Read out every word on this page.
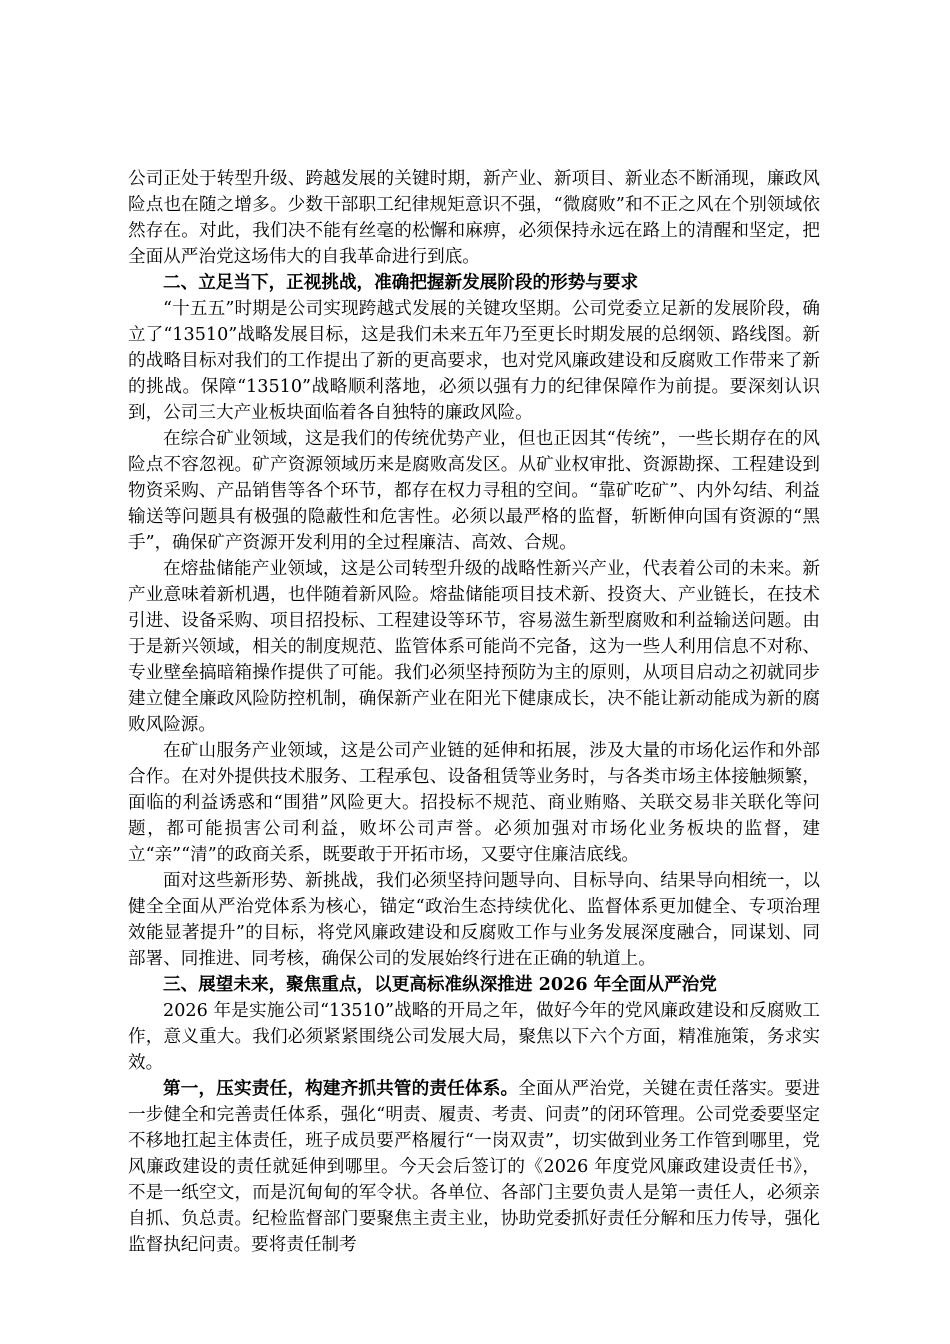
公司正处于转型升级、跨越发展的关键时期，新产业、新项目、新业态不断涌现，廉政风险点也在随之增多。少数干部职工纪律规矩意识不强，“微腐败”和不正之风在个别领域依然存在。对此，我们决不能有丝毫的松懈和麻痹，必须保持永远在路上的清醒和坚定，把全面从严治党这场伟大的自我革命进行到底。

二、立足当下，正视挑战，准确把握新发展阶段的形势与要求

“十五五”时期是公司实现跨越式发展的关键攻坚期。公司党委立足新的发展阶段，确立了“13510”战略发展目标，这是我们未来五年乃至更长时期发展的总纲领、路线图。新的战略目标对我们的工作提出了新的更高要求，也对党风廉政建设和反腐败工作带来了新的挑战。保障“13510”战略顺利落地，必须以强有力的纪律保障作为前提。要深刻认识到，公司三大产业板块面临着各自独特的廉政风险。

在综合矿业领域，这是我们的传统优势产业，但也正因其“传统”，一些长期存在的风险点不容忽视。矿产资源领域历来是腐败高发区。从矿业权审批、资源勘探、工程建设到物资采购、产品销售等各个环节，都存在权力寻租的空间。“靠矿吃矿”、内外勾结、利益输送等问题具有极强的隐蔽性和危害性。必须以最严格的监督，斩断伸向国有资源的“黑手”，确保矿产资源开发利用的全过程廉洁、高效、合规。

在熔盐储能产业领域，这是公司转型升级的战略性新兴产业，代表着公司的未来。新产业意味着新机遇，也伴随着新风险。熔盐储能项目技术新、投资大、产业链长，在技术引进、设备采购、项目招投标、工程建设等环节，容易滋生新型腐败和利益输送问题。由于是新兴领域，相关的制度规范、监管体系可能尚不完备，这为一些人利用信息不对称、专业壁垒搞暗箱操作提供了可能。我们必须坚持预防为主的原则，从项目启动之初就同步建立健全廉政风险防控机制，确保新产业在阳光下健康成长，决不能让新动能成为新的腐败风险源。

在矿山服务产业领域，这是公司产业链的延伸和拓展，涉及大量的市场化运作和外部合作。在对外提供技术服务、工程承包、设备租赁等业务时，与各类市场主体接触频繁，面临的利益诱惑和“围猎”风险更大。招投标不规范、商业贿赂、关联交易非关联化等问题，都可能损害公司利益，败坏公司声誉。必须加强对市场化业务板块的监督，建立“亲”“清”的政商关系，既要敢于开拓市场，又要守住廉洁底线。

面对这些新形势、新挑战，我们必须坚持问题导向、目标导向、结果导向相统一，以健全全面从严治党体系为核心，锚定“政治生态持续优化、监督体系更加健全、专项治理效能显著提升”的目标，将党风廉政建设和反腐败工作与业务发展深度融合，同谋划、同部署、同推进、同考核，确保公司的发展始终行进在正确的轨道上。

三、展望未来，聚焦重点，以更高标准纵深推进 2026 年全面从严治党

2026 年是实施公司“13510”战略的开局之年，做好今年的党风廉政建设和反腐败工作，意义重大。我们必须紧紧围绕公司发展大局，聚焦以下六个方面，精准施策，务求实效。

第一，压实责任，构建齐抓共管的责任体系。全面从严治党，关键在责任落实。要进一步健全和完善责任体系，强化“明责、履责、考责、问责”的闭环管理。公司党委要坚定不移地扛起主体责任，班子成员要严格履行“一岗双责”，切实做到业务工作管到哪里，党风廉政建设的责任就延伸到哪里。今天会后签订的《2026 年度党风廉政建设责任书》，不是一纸空文，而是沉甸甸的军令状。各单位、各部门主要负责人是第一责任人，必须亲自抓、负总责。纪检监督部门要聚焦主责主业，协助党委抓好责任分解和压力传导，强化监督执纪问责。要将责任制考
